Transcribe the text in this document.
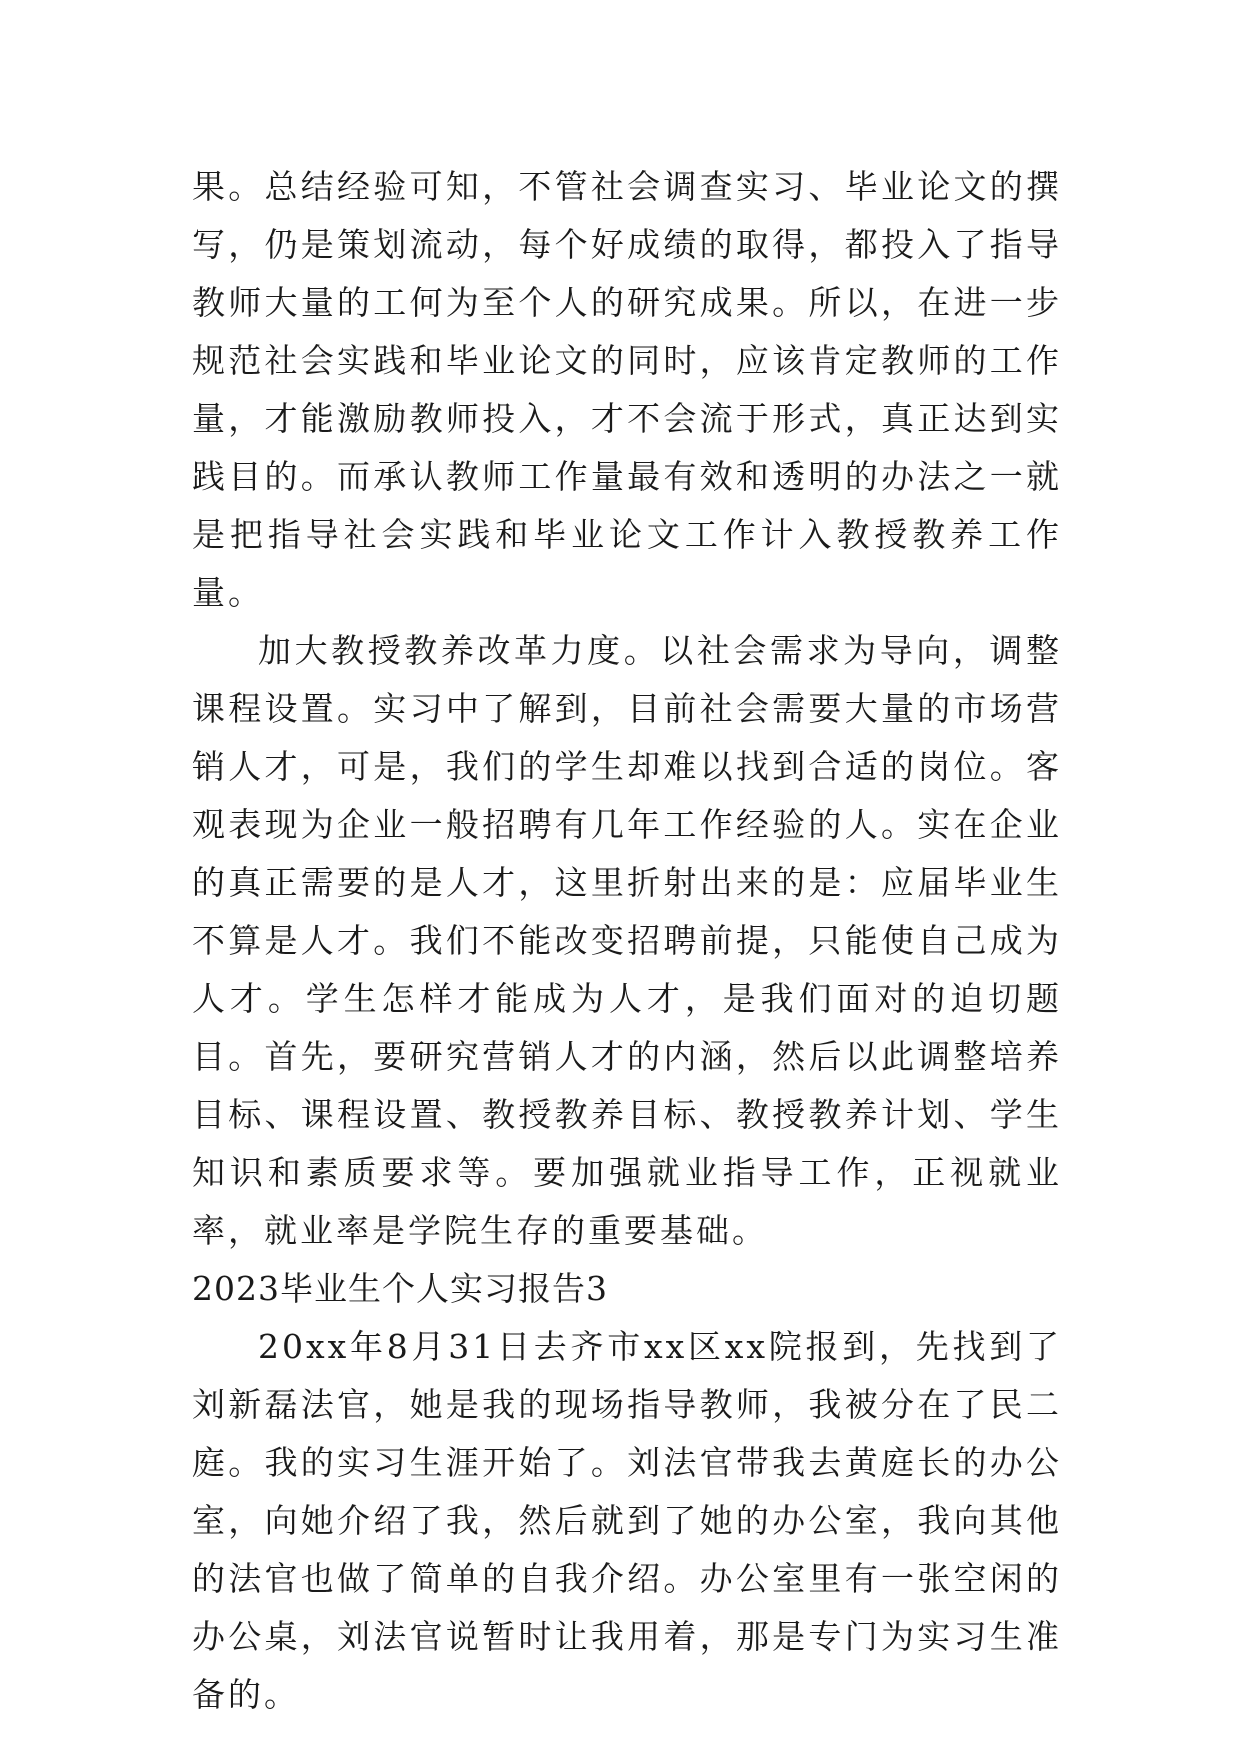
果。总结经验可知，不管社会调查实习、毕业论文的撰写，仍是策划流动，每个好成绩的取得，都投入了指导教师大量的工何为至个人的研究成果。所以，在进一步规范社会实践和毕业论文的同时，应该肯定教师的工作量，才能激励教师投入，才不会流于形式，真正达到实践目的。而承认教师工作量最有效和透明的办法之一就是把指导社会实践和毕业论文工作计入教授教养工作量。

加大教授教养改革力度。以社会需求为导向，调整课程设置。实习中了解到，目前社会需要大量的市场营销人才，可是，我们的学生却难以找到合适的岗位。客观表现为企业一般招聘有几年工作经验的人。实在企业的真正需要的是人才，这里折射出来的是：应届毕业生不算是人才。我们不能改变招聘前提，只能使自己成为人才。学生怎样才能成为人才，是我们面对的迫切题目。首先，要研究营销人才的内涵，然后以此调整培养目标、课程设置、教授教养目标、教授教养计划、学生知识和素质要求等。要加强就业指导工作，正视就业率，就业率是学院生存的重要基础。

2023毕业生个人实习报告3

20xx年8月31日去齐市xx区xx院报到，先找到了刘新磊法官，她是我的现场指导教师，我被分在了民二庭。我的实习生涯开始了。刘法官带我去黄庭长的办公室，向她介绍了我，然后就到了她的办公室，我向其他的法官也做了简单的自我介绍。办公室里有一张空闲的办公桌，刘法官说暂时让我用着，那是专门为实习生准备的。
